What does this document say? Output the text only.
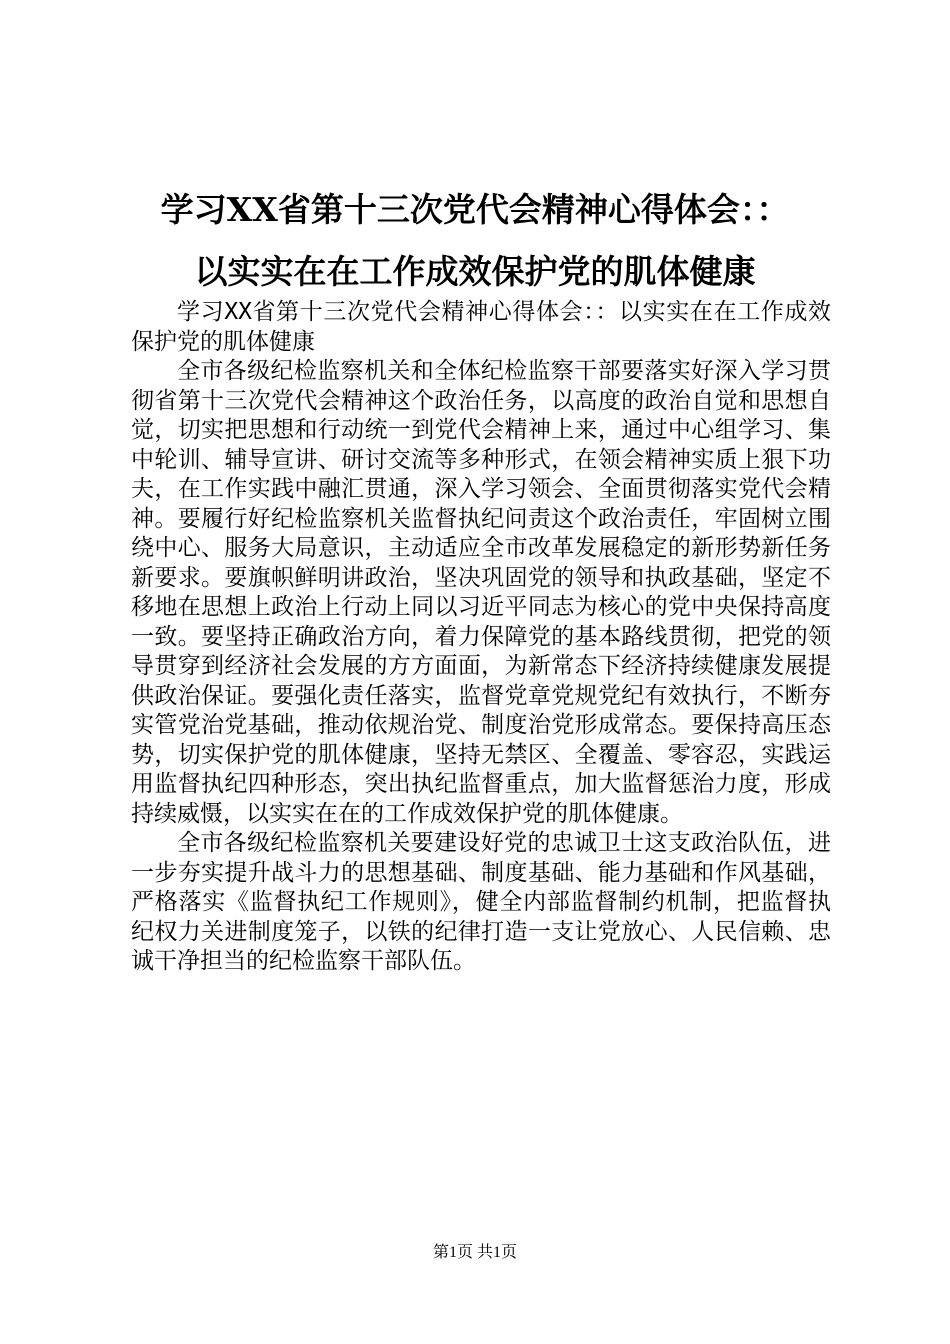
学习XX省第十三次党代会精神心得体会：：
以实实在在工作成效保护党的肌体健康

学习XX省第十三次党代会精神心得体会：：以实实在在工作成效保护党的肌体健康

全市各级纪检监察机关和全体纪检监察干部要落实好深入学习贯彻省第十三次党代会精神这个政治任务，以高度的政治自觉和思想自觉，切实把思想和行动统一到党代会精神上来，通过中心组学习、集中轮训、辅导宣讲、研讨交流等多种形式，在领会精神实质上狠下功夫，在工作实践中融汇贯通，深入学习领会、全面贯彻落实党代会精神。要履行好纪检监察机关监督执纪问责这个政治责任，牢固树立围绕中心、服务大局意识，主动适应全市改革发展稳定的新形势新任务新要求。要旗帜鲜明讲政治，坚决巩固党的领导和执政基础，坚定不移地在思想上政治上行动上同以习近平同志为核心的党中央保持高度一致。要坚持正确政治方向，着力保障党的基本路线贯彻，把党的领导贯穿到经济社会发展的方方面面，为新常态下经济持续健康发展提供政治保证。要强化责任落实，监督党章党规党纪有效执行，不断夯实管党治党基础，推动依规治党、制度治党形成常态。要保持高压态势，切实保护党的肌体健康，坚持无禁区、全覆盖、零容忍，实践运用监督执纪四种形态，突出执纪监督重点，加大监督惩治力度，形成持续威慑，以实实在在的工作成效保护党的肌体健康。

全市各级纪检监察机关要建设好党的忠诚卫士这支政治队伍，进一步夯实提升战斗力的思想基础、制度基础、能力基础和作风基础，严格落实《监督执纪工作规则》，健全内部监督制约机制，把监督执纪权力关进制度笼子，以铁的纪律打造一支让党放心、人民信赖、忠诚干净担当的纪检监察干部队伍。

第1页 共1页
